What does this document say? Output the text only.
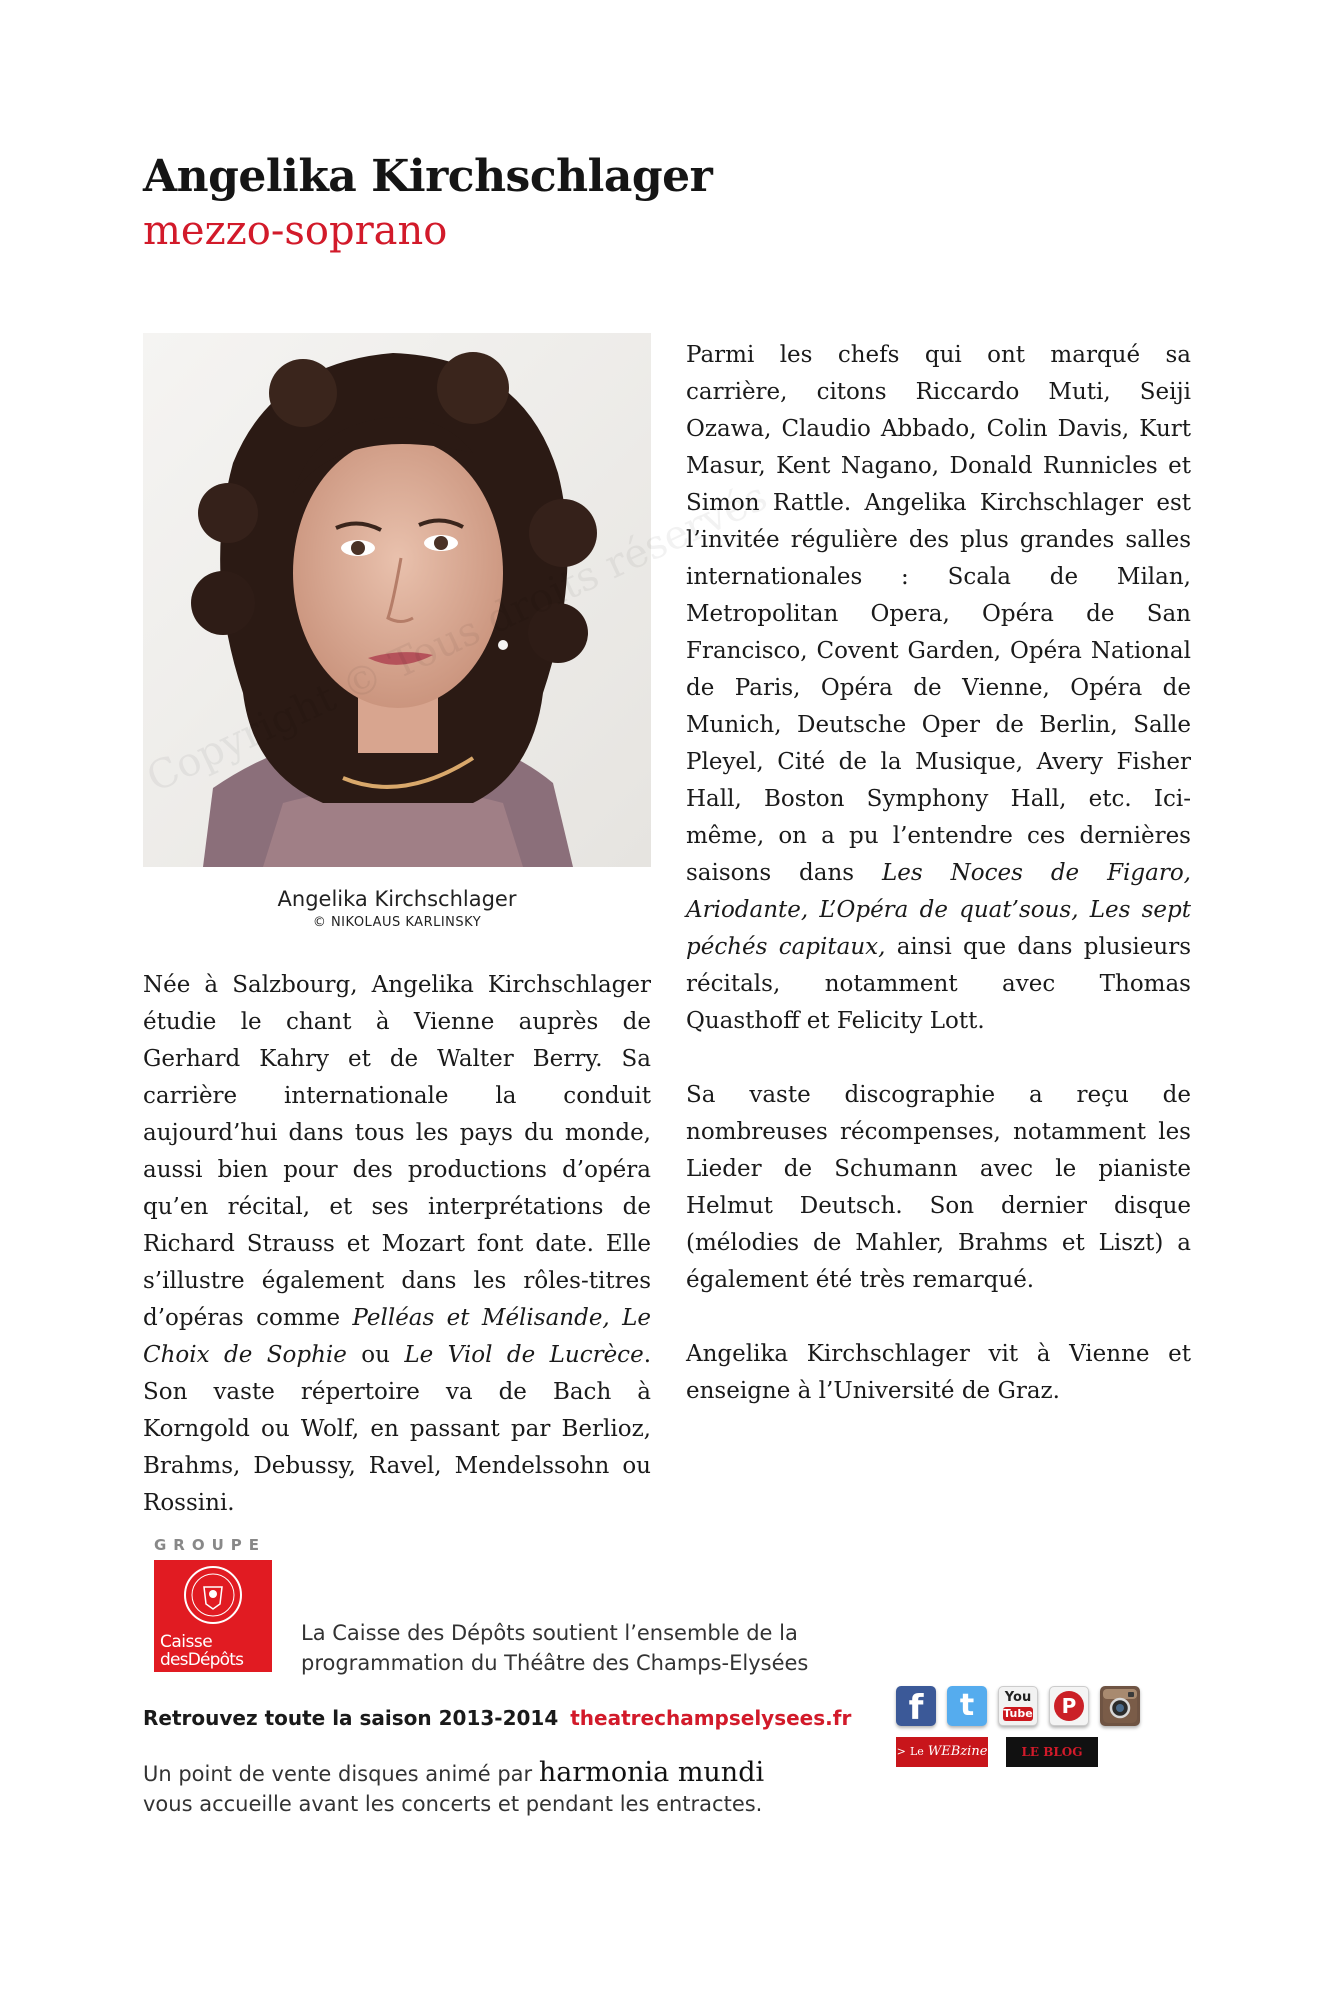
Angelika Kirchschlager
mezzo-soprano
Angelika Kirchschlager
© NIKOLAUS KARLINSKY
réservés

Née à Salzbourg, Angelika Kirchschlager étudie le chant à Vienne auprès de Gerhard Kahry et de Walter Berry. Sa carrière internationale la conduit aujourd’hui dans tous les pays du monde, aussi bien pour des productions d’opéra qu’en récital, et ses interprétations de Richard Strauss et Mozart font date. Elle s’illustre également dans les rôles-titres d’opéras comme Pelléas et Mélisande, Le Choix de Sophie ou Le Viol de Lucrèce. Son vaste répertoire va de Bach à Korngold ou Wolf, en passant par Berlioz, Brahms, Debussy, Ravel, Mendelssohn ou Rossini.

Parmi les chefs qui ont marqué sa carrière, citons Riccardo Muti, Seiji Ozawa, Claudio Abbado, Colin Davis, Kurt Masur, Kent Nagano, Donald Runnicles et Simon Rattle. Angelika Kirchschlager est l’invitée régulière des plus grandes salles internationales : Scala de Milan, Metropolitan Opera, Opéra de San Francisco, Covent Garden, Opéra National de Paris, Opéra de Vienne, Opéra de Munich, Deutsche Oper de Berlin, Salle Pleyel, Cité de la Musique, Avery Fisher Hall, Boston Symphony Hall, etc. Ici-même, on a pu l’entendre ces dernières saisons dans Les Noces de Figaro, Ariodante, L’Opéra de quat’sous, Les sept péchés capitaux, ainsi que dans plusieurs récitals, notamment avec Thomas Quasthoff et Felicity Lott.

Sa vaste discographie a reçu de nombreuses récompenses, notamment les Lieder de Schumann avec le pianiste Helmut Deutsch. Son dernier disque (mélodies de Mahler, Brahms et Liszt) a également été très remarqué.

Angelika Kirchschlager vit à Vienne et enseigne à l’Université de Graz.

GROUPE
Caisse
desDépôts
La Caisse des Dépôts soutient l’ensemble de la
programmation du Théâtre des Champs-Elysées
Retrouvez toute la saison 2013-2014 theatrechampselysees.fr
Un point de vente disques animé par harmonia mundi
vous accueille avant les concerts et pendant les entractes.
f	t	You
Tube	P
> Le WEBzine	LE BLOG
